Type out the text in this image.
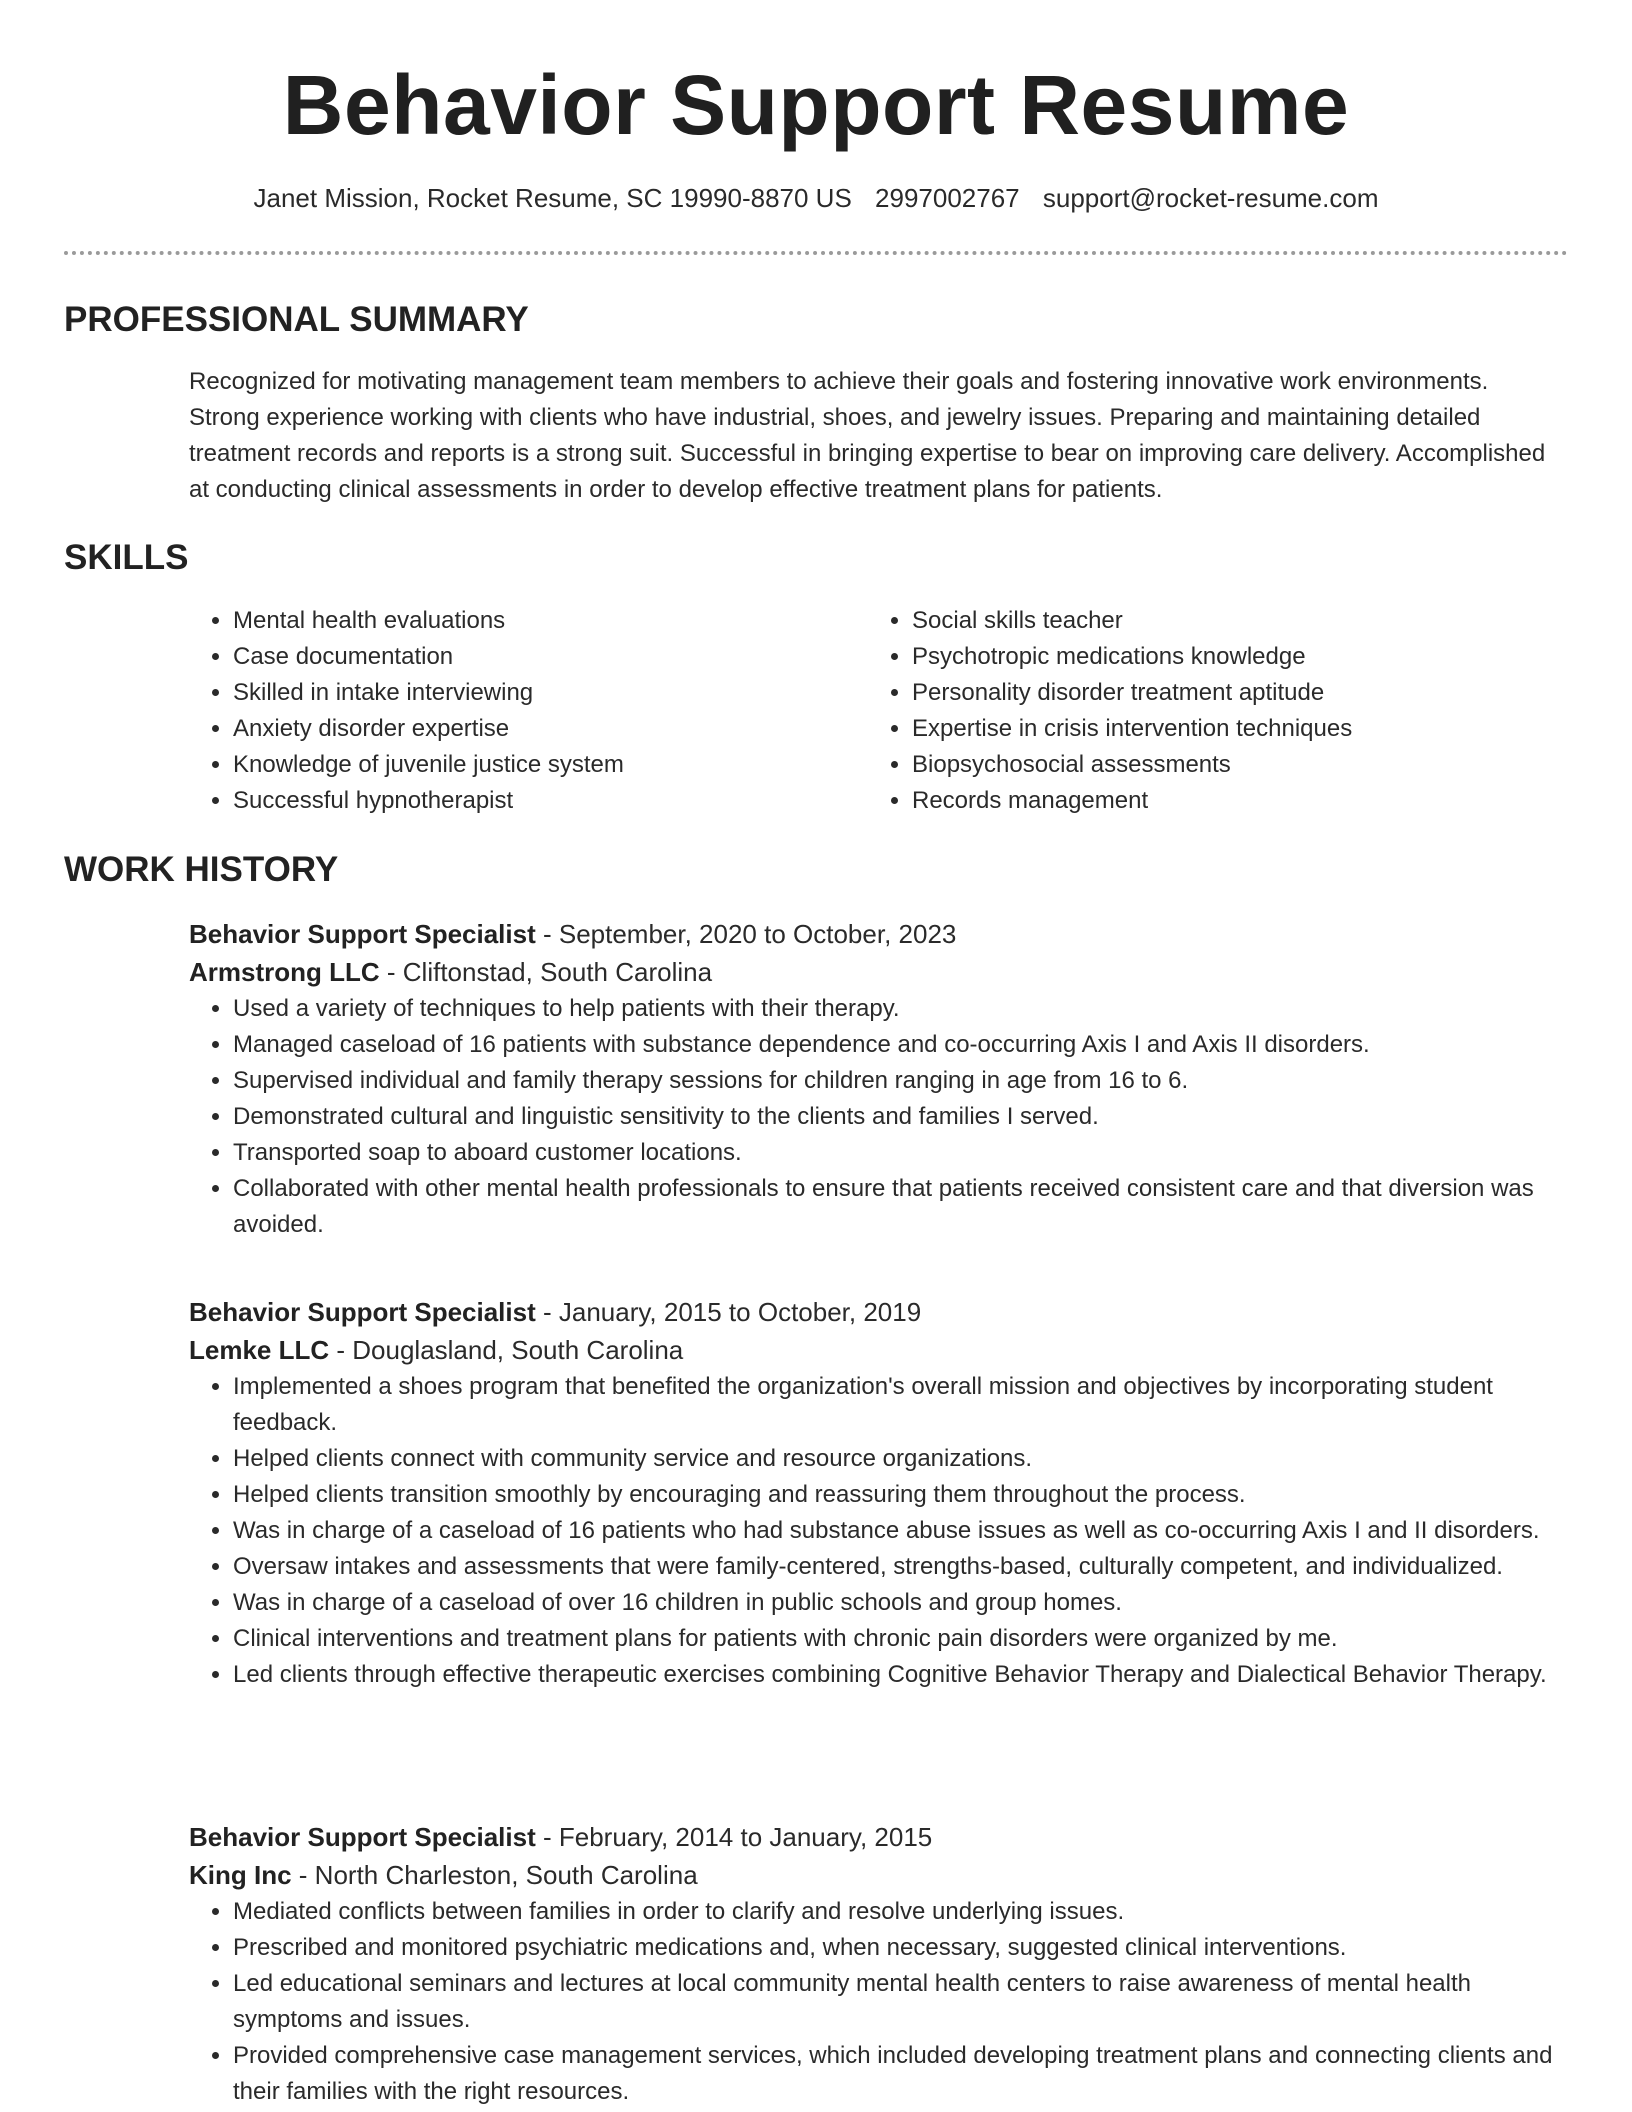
Behavior Support Resume
Janet Mission, Rocket Resume, SC 19990-8870 US 2997002767 support@rocket-resume.com
PROFESSIONAL SUMMARY

Recognized for motivating management team members to achieve their goals and fostering innovative work environments. Strong experience working with clients who have industrial, shoes, and jewelry issues. Preparing and maintaining detailed treatment records and reports is a strong suit. Successful in bringing expertise to bear on improving care delivery. Accomplished at conducting clinical assessments in order to develop effective treatment plans for patients.

SKILLS
• Mental health evaluations
• Case documentation
• Skilled in intake interviewing
• Anxiety disorder expertise
• Knowledge of juvenile justice system
• Successful hypnotherapist
• Social skills teacher
• Psychotropic medications knowledge
• Personality disorder treatment aptitude
• Expertise in crisis intervention techniques
• Biopsychosocial assessments
• Records management
WORK HISTORY

Behavior Support Specialist - September, 2020 to October, 2023

Armstrong LLC - Cliftonstad, South Carolina

• Used a variety of techniques to help patients with their therapy.
• Managed caseload of 16 patients with substance dependence and co-occurring Axis I and Axis II disorders.
• Supervised individual and family therapy sessions for children ranging in age from 16 to 6.
• Demonstrated cultural and linguistic sensitivity to the clients and families I served.
• Transported soap to aboard customer locations.
• Collaborated with other mental health professionals to ensure that patients received consistent care and that diversion was avoided.

Behavior Support Specialist - January, 2015 to October, 2019

Lemke LLC - Douglasland, South Carolina

• Implemented a shoes program that benefited the organization's overall mission and objectives by incorporating student feedback.
• Helped clients connect with community service and resource organizations.
• Helped clients transition smoothly by encouraging and reassuring them throughout the process.
• Was in charge of a caseload of 16 patients who had substance abuse issues as well as co-occurring Axis I and II disorders.
• Oversaw intakes and assessments that were family-centered, strengths-based, culturally competent, and individualized.
• Was in charge of a caseload of over 16 children in public schools and group homes.
• Clinical interventions and treatment plans for patients with chronic pain disorders were organized by me.
• Led clients through effective therapeutic exercises combining Cognitive Behavior Therapy and Dialectical Behavior Therapy.

Behavior Support Specialist - February, 2014 to January, 2015

King Inc - North Charleston, South Carolina

• Mediated conflicts between families in order to clarify and resolve underlying issues.
• Prescribed and monitored psychiatric medications and, when necessary, suggested clinical interventions.
• Led educational seminars and lectures at local community mental health centers to raise awareness of mental health symptoms and issues.
• Provided comprehensive case management services, which included developing treatment plans and connecting clients and their families with the right resources.
